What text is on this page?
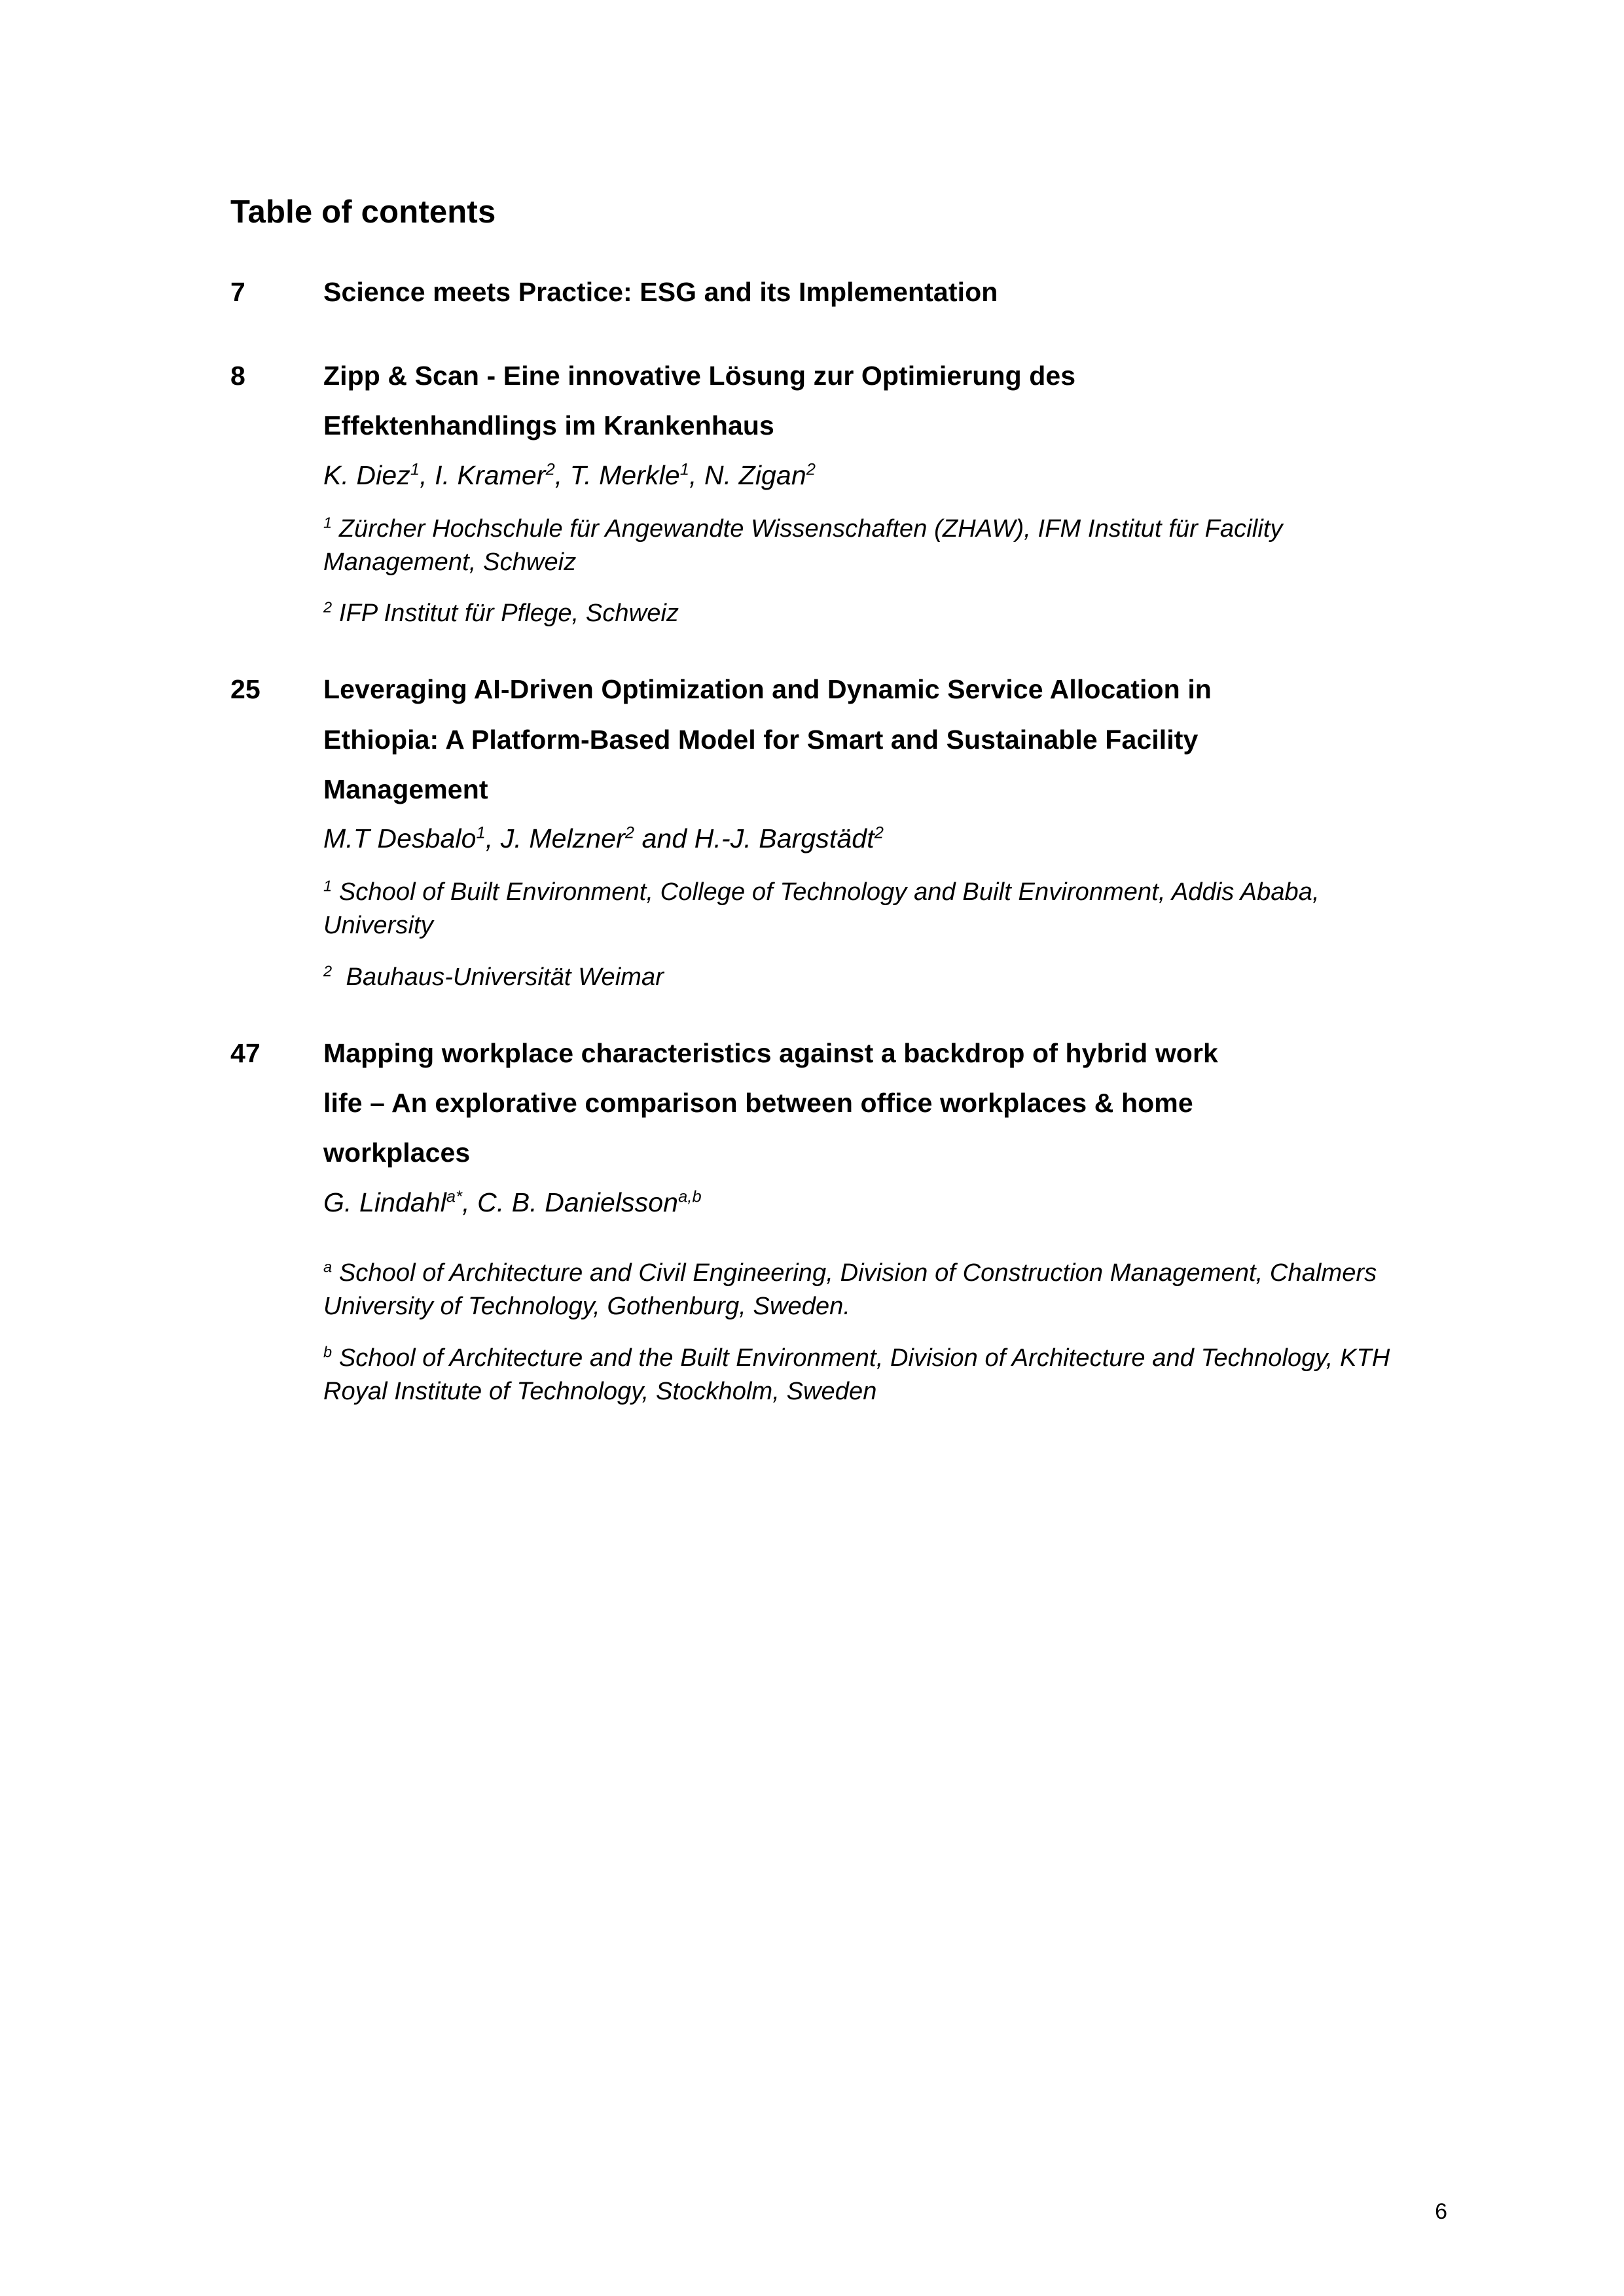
Table of contents
7	Science meets Practice: ESG and its Implementation
8	Zipp & Scan - Eine innovative Lösung zur Optimierung des
Effektenhandlings im Krankenhaus
K. Diez$^1$, I. Kramer$^2$, T. Merkle$^1$, N. Zigan$^2$
$^1$ Zürcher Hochschule für Angewandte Wissenschaften (ZHAW), IFM Institut für Facility Management, Schweiz
$^2$ IFP Institut für Pflege, Schweiz
25	Leveraging AI-Driven Optimization and Dynamic Service Allocation in
Ethiopia: A Platform-Based Model for Smart and Sustainable Facility
Management
M.T Desbalo$^1$, J. Melzner$^2$ and H.-J. Bargstädt$^2$
$^1$ School of Built Environment, College of Technology and Built Environment, Addis Ababa, University
$^2$  Bauhaus-Universität Weimar
47	Mapping workplace characteristics against a backdrop of hybrid work
life – An explorative comparison between office workplaces & home
workplaces
G. Lindahl$^{a*}$, C. B. Danielsson$^{a,b}$
$^a$ School of Architecture and Civil Engineering, Division of Construction Management, Chalmers University of Technology, Gothenburg, Sweden.
$^b$ School of Architecture and the Built Environment, Division of Architecture and Technology, KTH Royal Institute of Technology, Stockholm, Sweden
6
